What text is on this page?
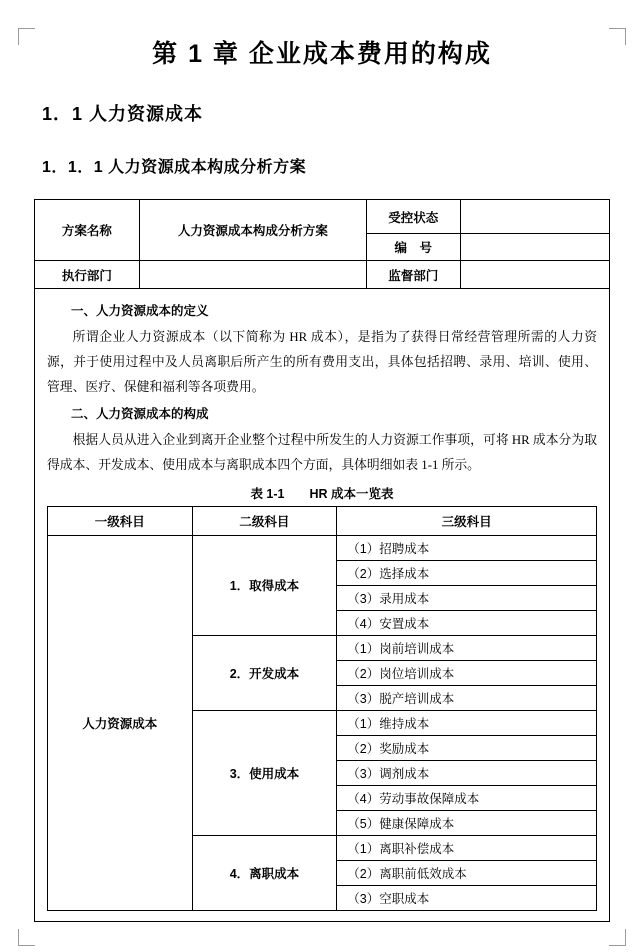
第 1 章 企业成本费用的构成
1．1 人力资源成本
1．1．1 人力资源成本构成分析方案
方案名称	人力资源成本构成分析方案	受控状态	
		编　号	
执行部门		监督部门	
一、人力资源成本的定义

所谓企业人力资源成本（以下简称为 HR 成本），是指为了获得日常经营管理所需的人力资源，并于使用过程中及人员离职后所产生的所有费用支出，具体包括招聘、录用、培训、使用、管理、医疗、保健和福利等各项费用。

二、人力资源成本的构成

根据人员从进入企业到离开企业整个过程中所发生的人力资源工作事项，可将 HR 成本分为取得成本、开发成本、使用成本与离职成本四个方面，具体明细如表 1-1 所示。

表 1-1　　HR 成本一览表
一级科目	二级科目	三级科目
人力资源成本	1．取得成本	（1）招聘成本
		（2）选择成本
		（3）录用成本
		（4）安置成本
	2．开发成本	（1）岗前培训成本
		（2）岗位培训成本
		（3）脱产培训成本
	3．使用成本	（1）维持成本
		（2）奖励成本
		（3）调剂成本
		（4）劳动事故保障成本
		（5）健康保障成本
	4．离职成本	（1）离职补偿成本
		（2）离职前低效成本
		（3）空职成本
